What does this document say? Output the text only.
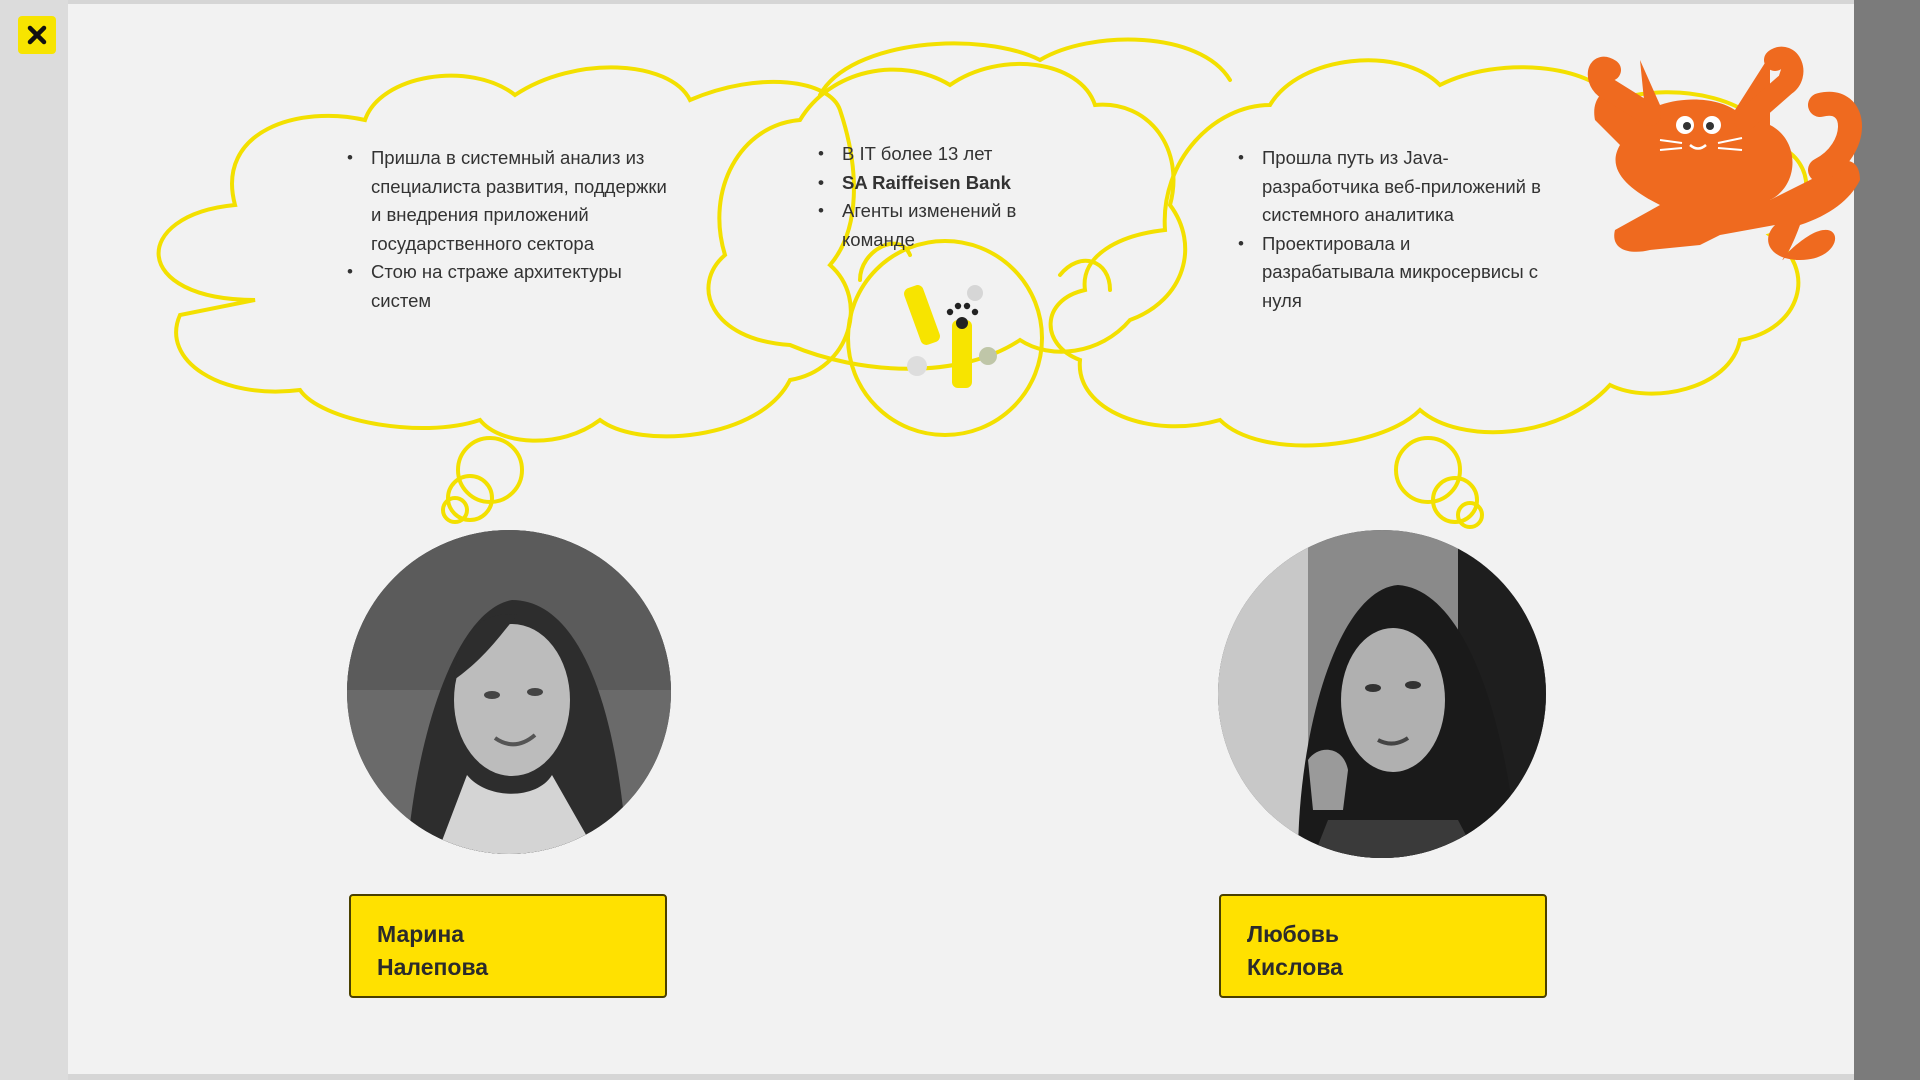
• Пришла в системный анализ из специалиста развития, поддержки и внедрения приложений государственного сектора
• Стою на страже архитектуры систем
• В IT более 13 лет
• SA Raiffeisen Bank
• Агенты изменений в команде
• Прошла путь из Java-разработчика веб-приложений в системного аналитика
• Проектировала и разрабатывала микросервисы с нуля
Марина
Налепова
Любовь
Кислова
